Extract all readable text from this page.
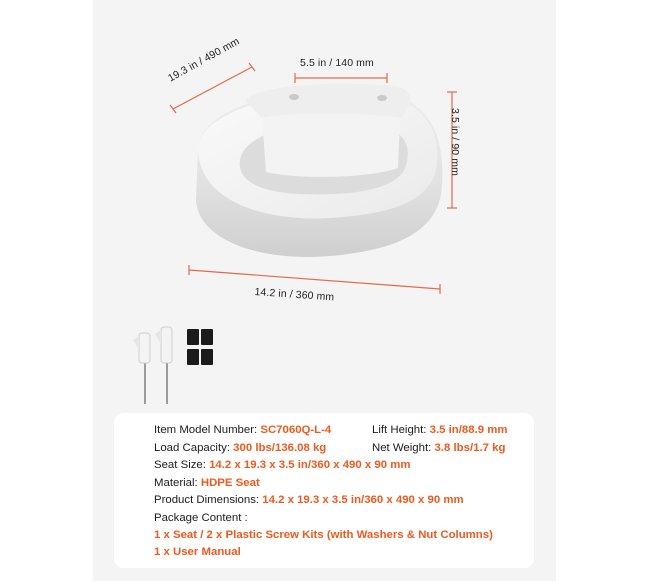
19.3 in / 490 mm	5.5 in / 140 mm
3.5 in / 90 mm
14.2 in / 360 mm
Item Model Number: SC7060Q-L-4	Lift Height: 3.5 in/88.9 mm
Load Capacity: 300 lbs/136.08 kg	Net Weight: 3.8 lbs/1.7 kg
Seat Size: 14.2 x 19.3 x 3.5 in/360 x 490 x 90 mm
Material: HDPE Seat
Product Dimensions: 14.2 x 19.3 x 3.5 in/360 x 490 x 90 mm
Package Content :
1 x Seat / 2 x Plastic Screw Kits (with Washers & Nut Columns)
1 x User Manual
